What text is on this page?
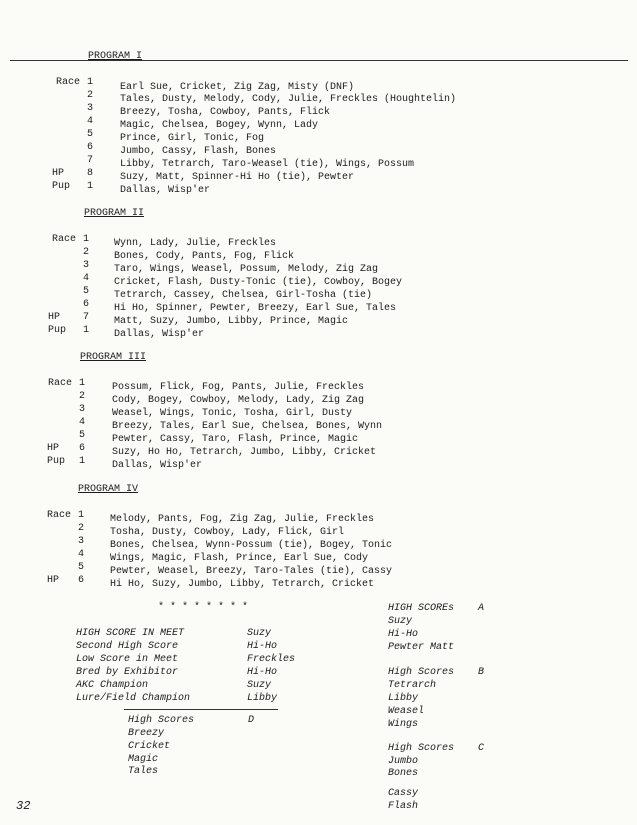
PROGRAM I
Race 1	Earl Sue, Cricket, Zig Zag, Misty (DNF)
2	Tales, Dusty, Melody, Cody, Julie, Freckles (Houghtelin)
3	Breezy, Tosha, Cowboy, Pants, Flick
4	Magic, Chelsea, Bogey, Wynn, Lady
5	Prince, Girl, Tonic, Fog
6	Jumbo, Cassy, Flash, Bones
7	Libby, Tetrarch, Taro-Weasel (tie), Wings, Possum
HP 8	Suzy, Matt, Spinner-Hi Ho (tie), Pewter
Pup 1	Dallas, Wisp'er
PROGRAM II
Race 1 Wynn, Lady, Julie, Freckles
2 Bones, Cody, Pants, Fog, Flick
3 Taro, Wings, Weasel, Possum, Melody, Zig Zag
4 Cricket, Flash, Dusty-Tonic (tie), Cowboy, Bogey
5 Tetrarch, Cassey, Chelsea, Girl-Tosha (tie)
6 Hi Ho, Spinner, Pewter, Breezy, Earl Sue, Tales
HP 7 Matt, Suzy, Jumbo, Libby, Prince, Magic
Pup 1 Dallas, Wisp'er
PROGRAM III
Race 1	Possum, Flick, Fog, Pants, Julie, Freckles
2	Cody, Bogey, Cowboy, Melody, Lady, Zig Zag
3	Weasel, Wings, Tonic, Tosha, Girl, Dusty
4	Breezy, Tales, Earl Sue, Chelsea, Bones, Wynn
5	Pewter, Cassy, Taro, Flash, Prince, Magic
HP 6	Suzy, Ho Ho, Tetrarch, Jumbo, Libby, Cricket
Pup 1	Dallas, Wisp'er
PROGRAM IV
Race 1	Melody, Pants, Fog, Zig Zag, Julie, Freckles
2	Tosha, Dusty, Cowboy, Lady, Flick, Girl
3	Bones, Chelsea, Wynn-Possum (tie), Bogey, Tonic
4	Wings, Magic, Flash, Prince, Earl Sue, Cody
5	Pewter, Weasel, Breezy, Taro-Tales (tie), Cassy
HP 6	Hi Ho, Suzy, Jumbo, Libby, Tetrarch, Cricket
* * * * * * * *
HIGH SCORE IN MEET	Suzy
Second High Score	Hi-Ho
Low Score in Meet	Freckles
Bred by Exhibitor	Hi-Ho
AKC Champion	Suzy
Lure/Field Champion	Libby
High Scores	D
Breezy
Cricket
Magic
Tales
HIGH SCOREs A
Suzy
Hi-Ho
Pewter Matt
High Scores B
Tetrarch
Libby
Weasel
Wings
High Scores C
Jumbo
Bones
Cassy
Flash
32
